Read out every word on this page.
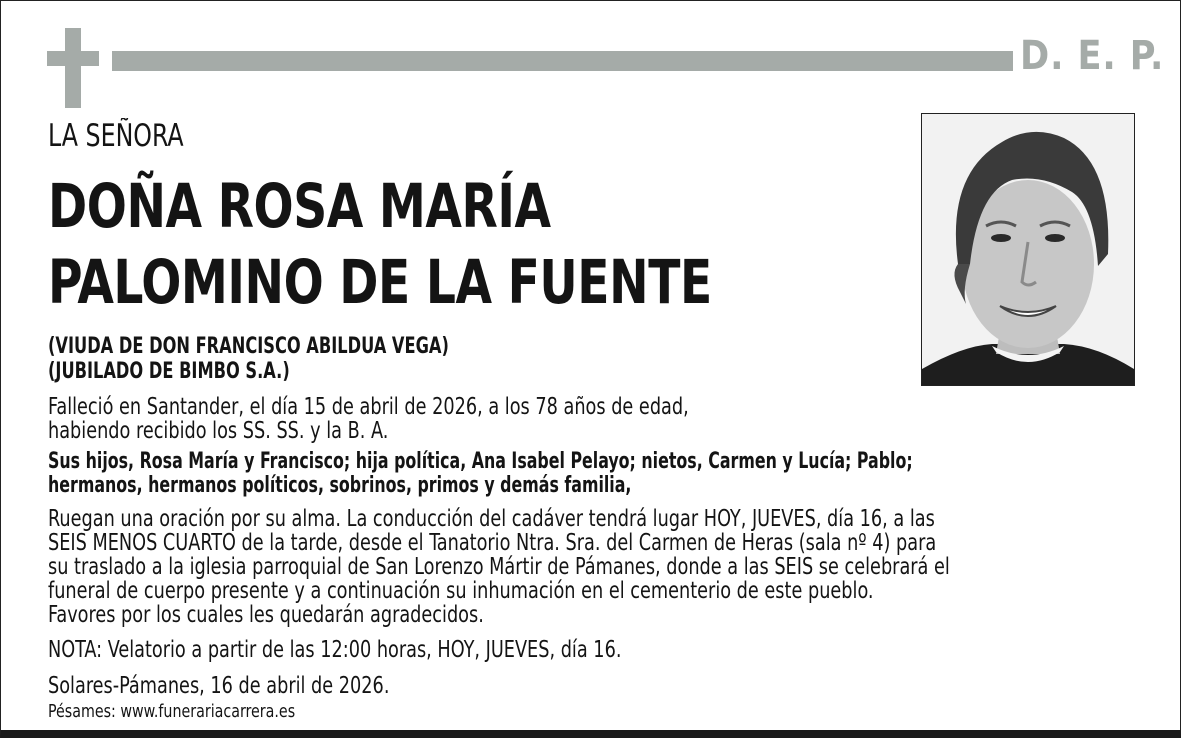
D. E. P.
LA SEÑORA
DOÑA ROSA MARÍA
PALOMINO DE LA FUENTE
(VIUDA DE DON FRANCISCO ABILDUA VEGA)
(JUBILADO DE BIMBO S.A.)
Falleció en Santander, el día 15 de abril de 2026, a los 78 años de edad,
habiendo recibido los SS. SS. y la B. A.
Sus hijos, Rosa María y Francisco; hija política, Ana Isabel Pelayo; nietos, Carmen y Lucía; Pablo;
hermanos, hermanos políticos, sobrinos, primos y demás familia,
Ruegan una oración por su alma. La conducción del cadáver tendrá lugar HOY, JUEVES, día 16, a las
SEIS MENOS CUARTO de la tarde, desde el Tanatorio Ntra. Sra. del Carmen de Heras (sala nº 4) para
su traslado a la iglesia parroquial de San Lorenzo Mártir de Pámanes, donde a las SEIS se celebrará el
funeral de cuerpo presente y a continuación su inhumación en el cementerio de este pueblo.
Favores por los cuales les quedarán agradecidos.
NOTA: Velatorio a partir de las 12:00 horas, HOY, JUEVES, día 16.
Solares-Pámanes, 16 de abril de 2026.
Pésames: www.funerariacarrera.es
